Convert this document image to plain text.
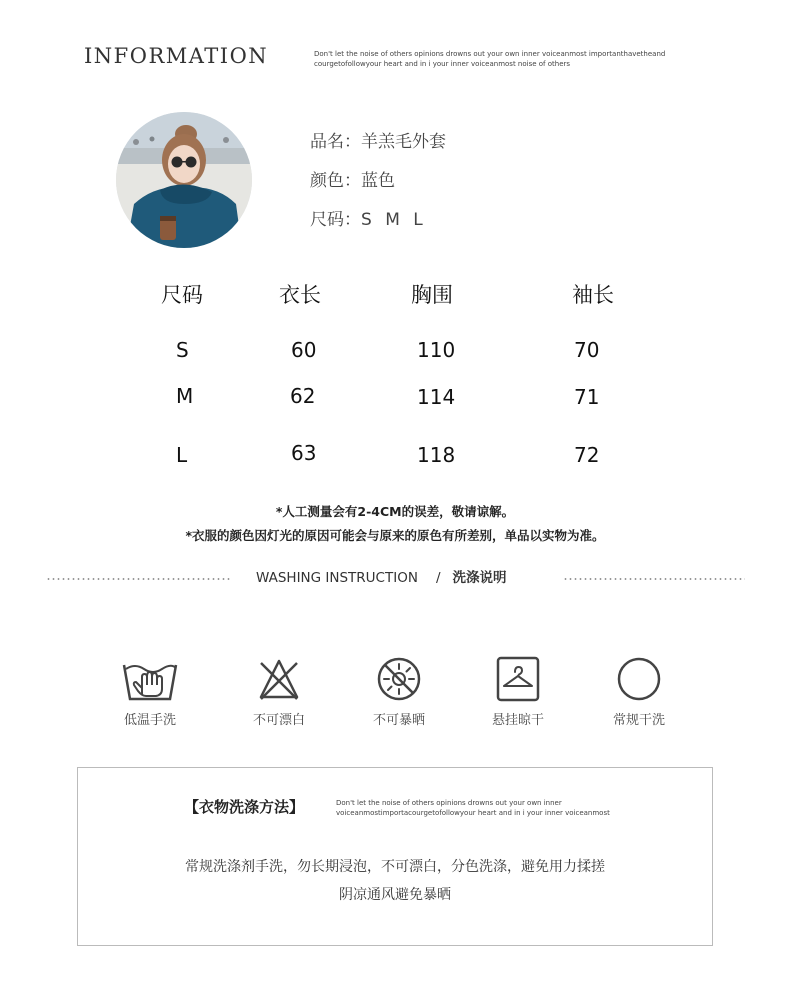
INFORMATION	Don't let the noise of others opinions drowns out your own inner voiceanmost importanthavetheand
courgetofollowyour heart and in i your inner voiceanmost noise of others
品名：羊羔毛外套
颜色：蓝色
尺码：S M L
尺码	衣长	胸围	袖长
S	60	110	70
M	62	114	71
L	63	118	72
*人工测量会有2-4CM的误差，敬请谅解。
*衣服的颜色因灯光的原因可能会与原来的原色有所差别，单品以实物为准。
WASHING INSTRUCTION / 洗涤说明
低温手洗	不可漂白	不可暴晒	悬挂晾干	常规干洗
【衣物洗涤方法】	Don't let the noise of others opinions drowns out your own inner
voiceanmostimportacourgetofollowyour heart and in i your inner voiceanmost
常规洗涤剂手洗，勿长期浸泡，不可漂白，分色洗涤，避免用力揉搓
阴凉通风避免暴晒
